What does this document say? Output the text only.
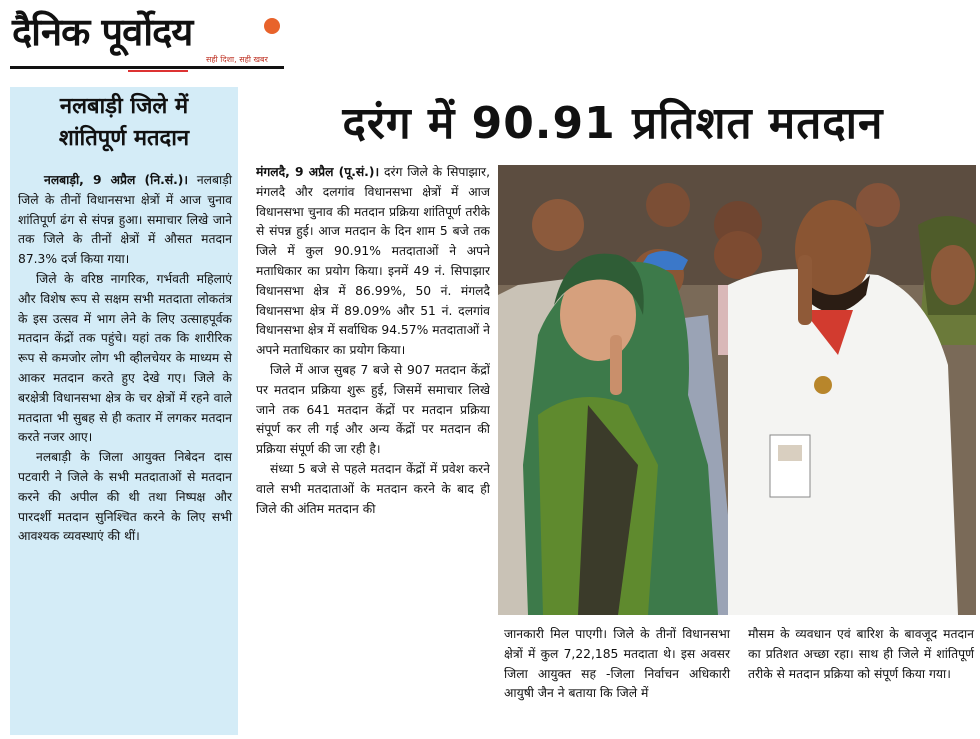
दैनिक पूर्वोदय
सही दिशा, सही खबर
नलबाड़ी जिले में
शांतिपूर्ण मतदान

नलबाड़ी, 9 अप्रैल (नि.सं.)। नलबाड़ी जिले के तीनों विधानसभा क्षेत्रों में आज चुनाव शांतिपूर्ण ढंग से संपन्न हुआ। समाचार लिखे जाने तक जिले के तीनों क्षेत्रों में औसत मतदान 87.3% दर्ज किया गया।

जिले के वरिष्ठ नागरिक, गर्भवती महिलाएं और विशेष रूप से सक्षम सभी मतदाता लोकतंत्र के इस उत्सव में भाग लेने के लिए उत्साहपूर्वक मतदान केंद्रों तक पहुंचे। यहां तक कि शारीरिक रूप से कमजोर लोग भी व्हीलचेयर के माध्यम से आकर मतदान करते हुए देखे गए। जिले के बरक्षेत्री विधानसभा क्षेत्र के चर क्षेत्रों में रहने वाले मतदाता भी सुबह से ही कतार में लगकर मतदान करते नजर आए।

नलबाड़ी के जिला आयुक्त निबेदन दास पटवारी ने जिले के सभी मतदाताओं से मतदान करने की अपील की थी तथा निष्पक्ष और पारदर्शी मतदान सुनिश्चित करने के लिए सभी आवश्यक व्यवस्थाएं की थीं।

दरंग में 90.91 प्रतिशत मतदान

मंगलदै, 9 अप्रैल (पू.सं.)। दरंग जिले के सिपाझार, मंगलदै और दलगांव विधानसभा क्षेत्रों में आज विधानसभा चुनाव की मतदान प्रक्रिया शांतिपूर्ण तरीके से संपन्न हुई। आज मतदान के दिन शाम 5 बजे तक जिले में कुल 90.91% मतदाताओं ने अपने मताधिकार का प्रयोग किया। इनमें 49 नं. सिपाझार विधानसभा क्षेत्र में 86.99%, 50 नं. मंगलदै विधानसभा क्षेत्र में 89.09% और 51 नं. दलगांव विधानसभा क्षेत्र में सर्वाधिक 94.57% मतदाताओं ने अपने मताधिकार का प्रयोग किया।

जिले में आज सुबह 7 बजे से 907 मतदान केंद्रों पर मतदान प्रक्रिया शुरू हुई, जिसमें समाचार लिखे जाने तक 641 मतदान केंद्रों पर मतदान प्रक्रिया संपूर्ण कर ली गई और अन्य केंद्रों पर मतदान की प्रक्रिया संपूर्ण की जा रही है।

संध्या 5 बजे से पहले मतदान केंद्रों में प्रवेश करने वाले सभी मतदाताओं के मतदान करने के बाद ही जिले की अंतिम मतदान की

जानकारी मिल पाएगी। जिले के तीनों विधानसभा क्षेत्रों में कुल 7,22,185 मतदाता थे। इस अवसर जिला आयुक्त सह -जिला निर्वाचन अधिकारी आयुषी जैन ने बताया कि जिले में

मौसम के व्यवधान एवं बारिश के बावजूद मतदान का प्रतिशत अच्छा रहा। साथ ही जिले में शांतिपूर्ण तरीके से मतदान प्रक्रिया को संपूर्ण किया गया।
